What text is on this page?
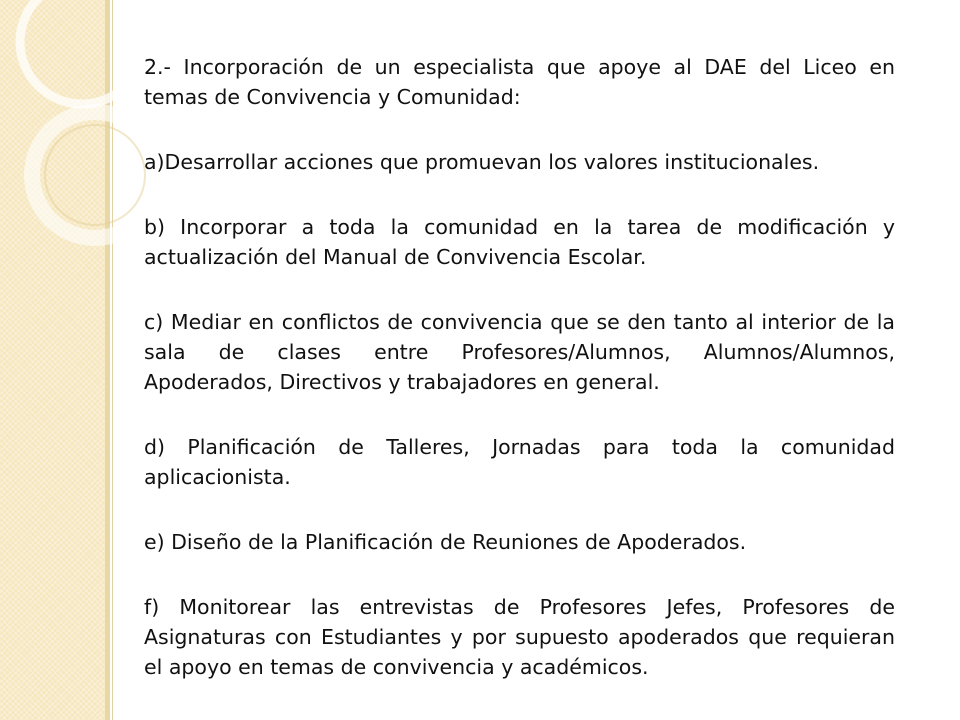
2.- Incorporación de un especialista que apoye al DAE del Liceo en temas de Convivencia y Comunidad:

a)Desarrollar acciones que promuevan los valores institucionales.

b) Incorporar a toda la comunidad en la tarea de modificación y actualización del Manual de Convivencia Escolar.

c) Mediar en conflictos de convivencia que se den tanto al interior de la sala de clases entre Profesores/Alumnos, Alumnos/Alumnos, Apoderados, Directivos y trabajadores en general.

d) Planificación de Talleres, Jornadas para toda la comunidad aplicacionista.

e) Diseño de la Planificación de Reuniones de Apoderados.

f) Monitorear las entrevistas de Profesores Jefes, Profesores de Asignaturas con Estudiantes y por supuesto apoderados que requieran el apoyo en temas de convivencia y académicos.
